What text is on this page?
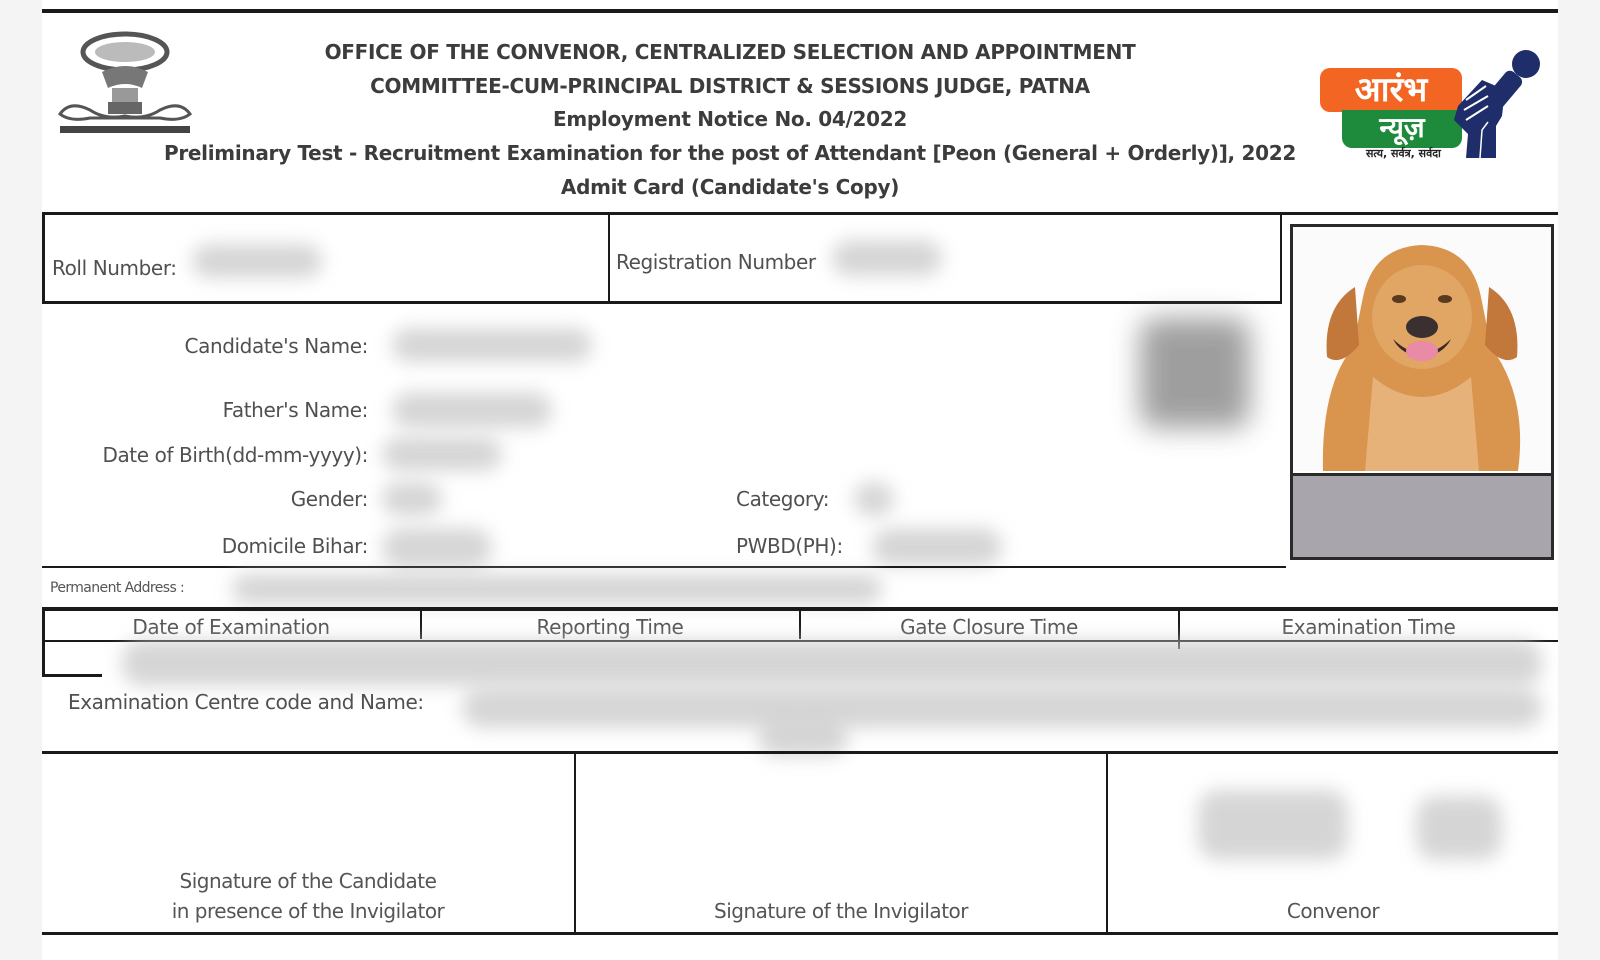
OFFICE OF THE CONVENOR, CENTRALIZED SELECTION AND APPOINTMENT
COMMITTEE-CUM-PRINCIPAL DISTRICT & SESSIONS JUDGE, PATNA
Employment Notice No. 04/2022
Preliminary Test - Recruitment Examination for the post of Attendant [Peon (General + Orderly)], 2022
Admit Card (Candidate's Copy)
आरंभ
न्यूज़
सत्य, सर्वत्र, सर्वदा
Roll Number:	Registration Number
Candidate's Name:
Father's Name:
Date of Birth(dd-mm-yyyy):
Gender:	Category:
Domicile Bihar:	PWBD(PH):
Permanent Address :
Date of Examination	Reporting Time	Gate Closure Time	Examination Time
Examination Centre code and Name:
Signature of the Candidate
in presence of the Invigilator	Signature of the Invigilator	Convenor
